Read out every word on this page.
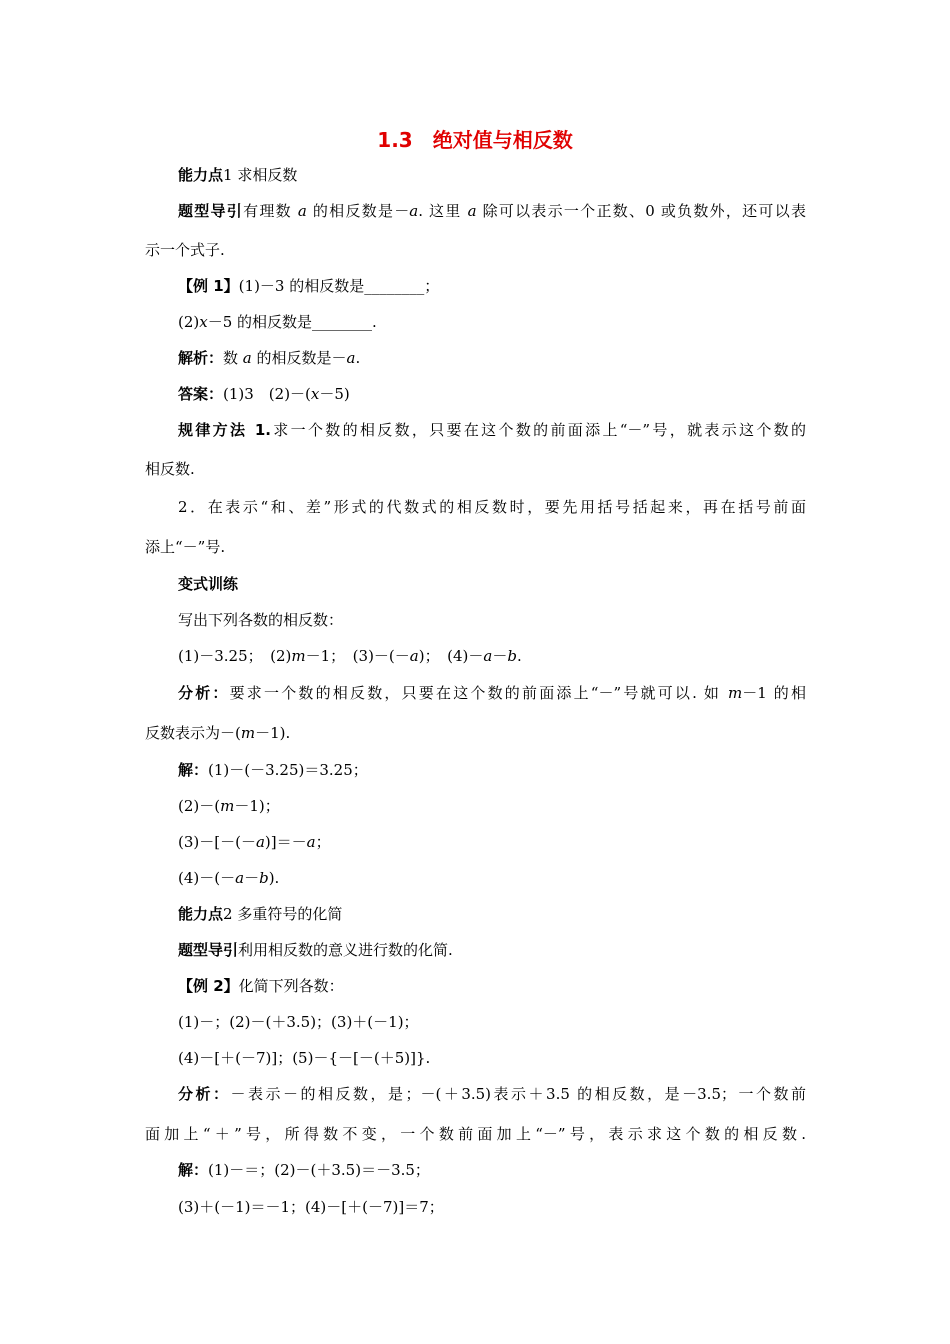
1.3　绝对值与相反数
能力点1 求相反数
题型导引有理数 a 的相反数是－a. 这里 a 除可以表示一个正数、0 或负数外，还可以表
示一个式子.
【例 1】(1)－3 的相反数是________；
(2)x－5 的相反数是________.
解析：数 a 的相反数是－a.
答案：(1)3　(2)－(x－5)
规律方法 1.求一个数的相反数，只要在这个数的前面添上“－”号，就表示这个数的
相反数.
2．在表示“和、差”形式的代数式的相反数时，要先用括号括起来，再在括号前面
添上“－”号.
变式训练
写出下列各数的相反数：
(1)－3.25；　(2)m－1；　(3)－(－a)；　(4)－a－b.
分析：要求一个数的相反数，只要在这个数的前面添上“－”号就可以. 如 m－1 的相
反数表示为－(m－1).
解：(1)－(－3.25)＝3.25；
(2)－(m－1)；
(3)－[－(－a)]＝－a；
(4)－(－a－b).
能力点2 多重符号的化简
题型导引利用相反数的意义进行数的化简.
【例 2】化简下列各数：
(1)－；(2)－(＋3.5)；(3)＋(－1)；
(4)－[＋(－7)]；(5)－{－[－(＋5)]}.
分析：－表示－的相反数，是；－(＋3.5)表示＋3.5 的相反数，是－3.5；一个数前
面加上“＋”号，所得数不变，一个数前面加上“－”号，表示求这个数的相反数.
解：(1)－＝；(2)－(＋3.5)＝－3.5；
(3)＋(－1)＝－1；(4)－[＋(－7)]＝7；
